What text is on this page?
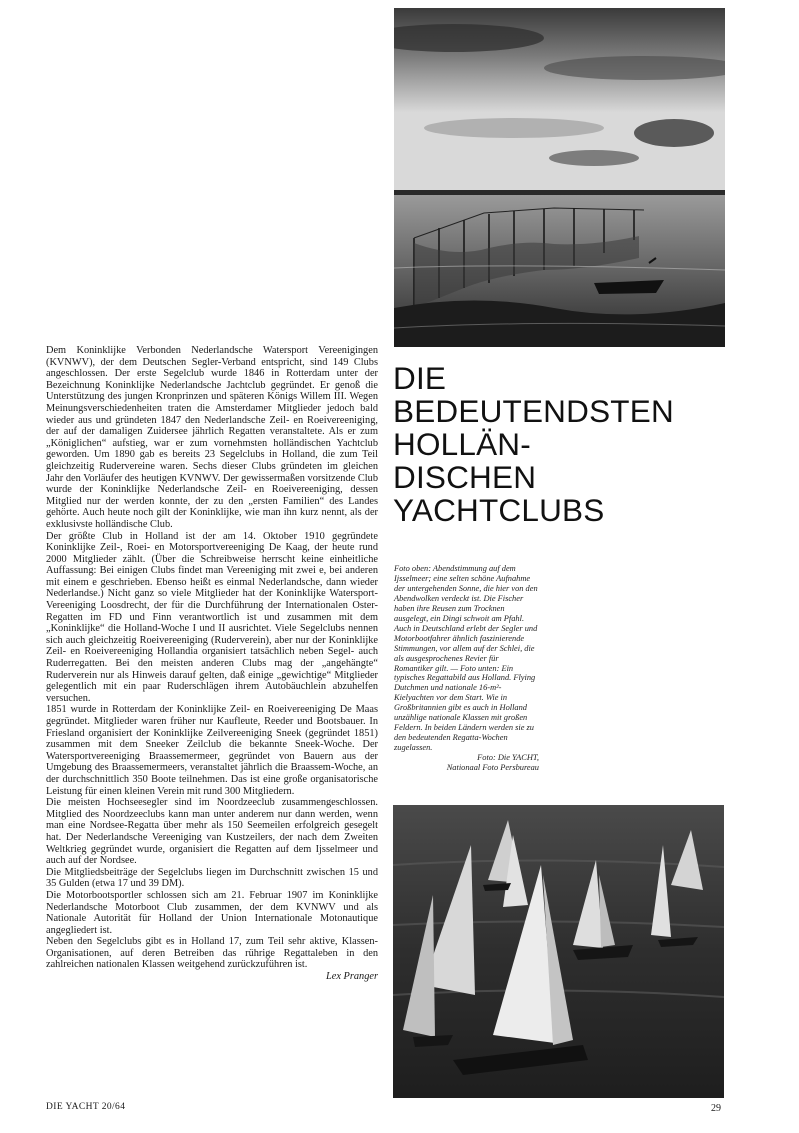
Dem Koninklijke Verbonden Nederlandsche Watersport Vereenigingen (KVNWV), der dem Deutschen Segler-Verband entspricht, sind 149 Clubs angeschlossen. Der erste Segelclub wurde 1846 in Rotterdam unter der Bezeichnung Koninklijke Nederlandsche Jachtclub gegründet. Er genoß die Unterstützung des jungen Kronprinzen und späteren Königs Willem III. Wegen Meinungsverschiedenheiten traten die Amsterdamer Mitglieder jedoch bald wieder aus und gründeten 1847 den Nederlandsche Zeil- en Roeivereeniging, der auf der damaligen Zuidersee jährlich Regatten veranstaltete. Als er zum „Königlichen“ aufstieg, war er zum vornehmsten holländischen Yachtclub geworden. Um 1890 gab es bereits 23 Segelclubs in Holland, die zum Teil gleichzeitig Rudervereine waren. Sechs dieser Clubs gründeten im gleichen Jahr den Vorläufer des heutigen KVNWV. Der gewissermaßen vorsitzende Club wurde der Koninklijke Nederlandsche Zeil- en Roeivereeniging, dessen Mitglied nur der werden konnte, der zu den „ersten Familien“ des Landes gehörte. Auch heute noch gilt der Koninklijke, wie man ihn kurz nennt, als der exklusivste holländische Club.

Der größte Club in Holland ist der am 14. Oktober 1910 gegründete Koninklijke Zeil-, Roei- en Motorsportvereeniging De Kaag, der heute rund 2000 Mitglieder zählt. (Über die Schreibweise herrscht keine einheitliche Auffassung: Bei einigen Clubs findet man Vereeniging mit zwei e, bei anderen mit einem e geschrieben. Ebenso heißt es einmal Nederlandsche, dann wieder Nederlandse.) Nicht ganz so viele Mitglieder hat der Koninklijke Watersport-Vereeniging Loosdrecht, der für die Durchführung der Internationalen Oster-Regatten im FD und Finn verantwortlich ist und zusammen mit dem „Koninklijke“ die Holland-Woche I und II ausrichtet. Viele Segelclubs nennen sich auch gleichzeitig Roeivereeniging (Ruderverein), aber nur der Koninklijke Zeil- en Roeivereeniging Hollandia organisiert tatsächlich neben Segel- auch Ruderregatten. Bei den meisten anderen Clubs mag der „angehängte“ Ruderverein nur als Hinweis darauf gelten, daß einige „gewichtige“ Mitglieder gelegentlich mit ein paar Ruderschlägen ihrem Autobäuchlein abzuhelfen versuchen.

1851 wurde in Rotterdam der Koninklijke Zeil- en Roeivereeniging De Maas gegründet. Mitglieder waren früher nur Kaufleute, Reeder und Bootsbauer. In Friesland organisiert der Koninklijke Zeilvereeniging Sneek (gegründet 1851) zusammen mit dem Sneeker Zeilclub die bekannte Sneek-Woche. Der Watersportvereeniging Braassemermeer, gegründet von Bauern aus der Umgebung des Braassemermeers, veranstaltet jährlich die Braassem-Woche, an der durchschnittlich 350 Boote teilnehmen. Das ist eine große organisatorische Leistung für einen kleinen Verein mit rund 300 Mitgliedern.

Die meisten Hochseesegler sind im Noordzeeclub zusammengeschlossen. Mitglied des Noordzeeclubs kann man unter anderem nur dann werden, wenn man eine Nordsee-Regatta über mehr als 150 Seemeilen erfolgreich gesegelt hat. Der Nederlandsche Vereeniging van Kustzeilers, der nach dem Zweiten Weltkrieg gegründet wurde, organisiert die Regatten auf dem Ijsselmeer und auch auf der Nordsee.

Die Mitgliedsbeiträge der Segelclubs liegen im Durchschnitt zwischen 15 und 35 Gulden (etwa 17 und 39 DM).

Die Motorbootsportler schlossen sich am 21. Februar 1907 im Koninklijke Nederlandsche Motorboot Club zusammen, der dem KVNWV und als Nationale Autorität für Holland der Union Internationale Motonautique angegliedert ist.

Neben den Segelclubs gibt es in Holland 17, zum Teil sehr aktive, Klassen-Organisationen, auf deren Betreiben das rührige Regattaleben in den zahlreichen nationalen Klassen weitgehend zurückzuführen ist.

Lex Pranger

DIE
BEDEUTENDSTEN
HOLLÄN-
DISCHEN
YACHTCLUBS
Foto oben: Abendstimmung auf dem Ijsselmeer; eine selten schöne Aufnahme der untergehenden Sonne, die hier von den Abendwolken verdeckt ist. Die Fischer haben ihre Reusen zum Trocknen ausgelegt, ein Dingi schwoit am Pfahl. Auch in Deutschland erlebt der Segler und Motorbootfahrer ähnlich faszinierende Stimmungen, vor allem auf der Schlei, die als ausgesprochenes Revier für Romantiker gilt. — Foto unten: Ein typisches Regattabild aus Holland. Flying Dutchmen und nationale 16-m²-Kielyachten vor dem Start. Wie in Großbritannien gibt es auch in Holland unzählige nationale Klassen mit großen Feldern. In beiden Ländern werden sie zu den bedeutenden Regatta-Wochen zugelassen.
Foto: Die YACHT,
Nationaal Foto Persbureau
DIE YACHT 20/64	29
